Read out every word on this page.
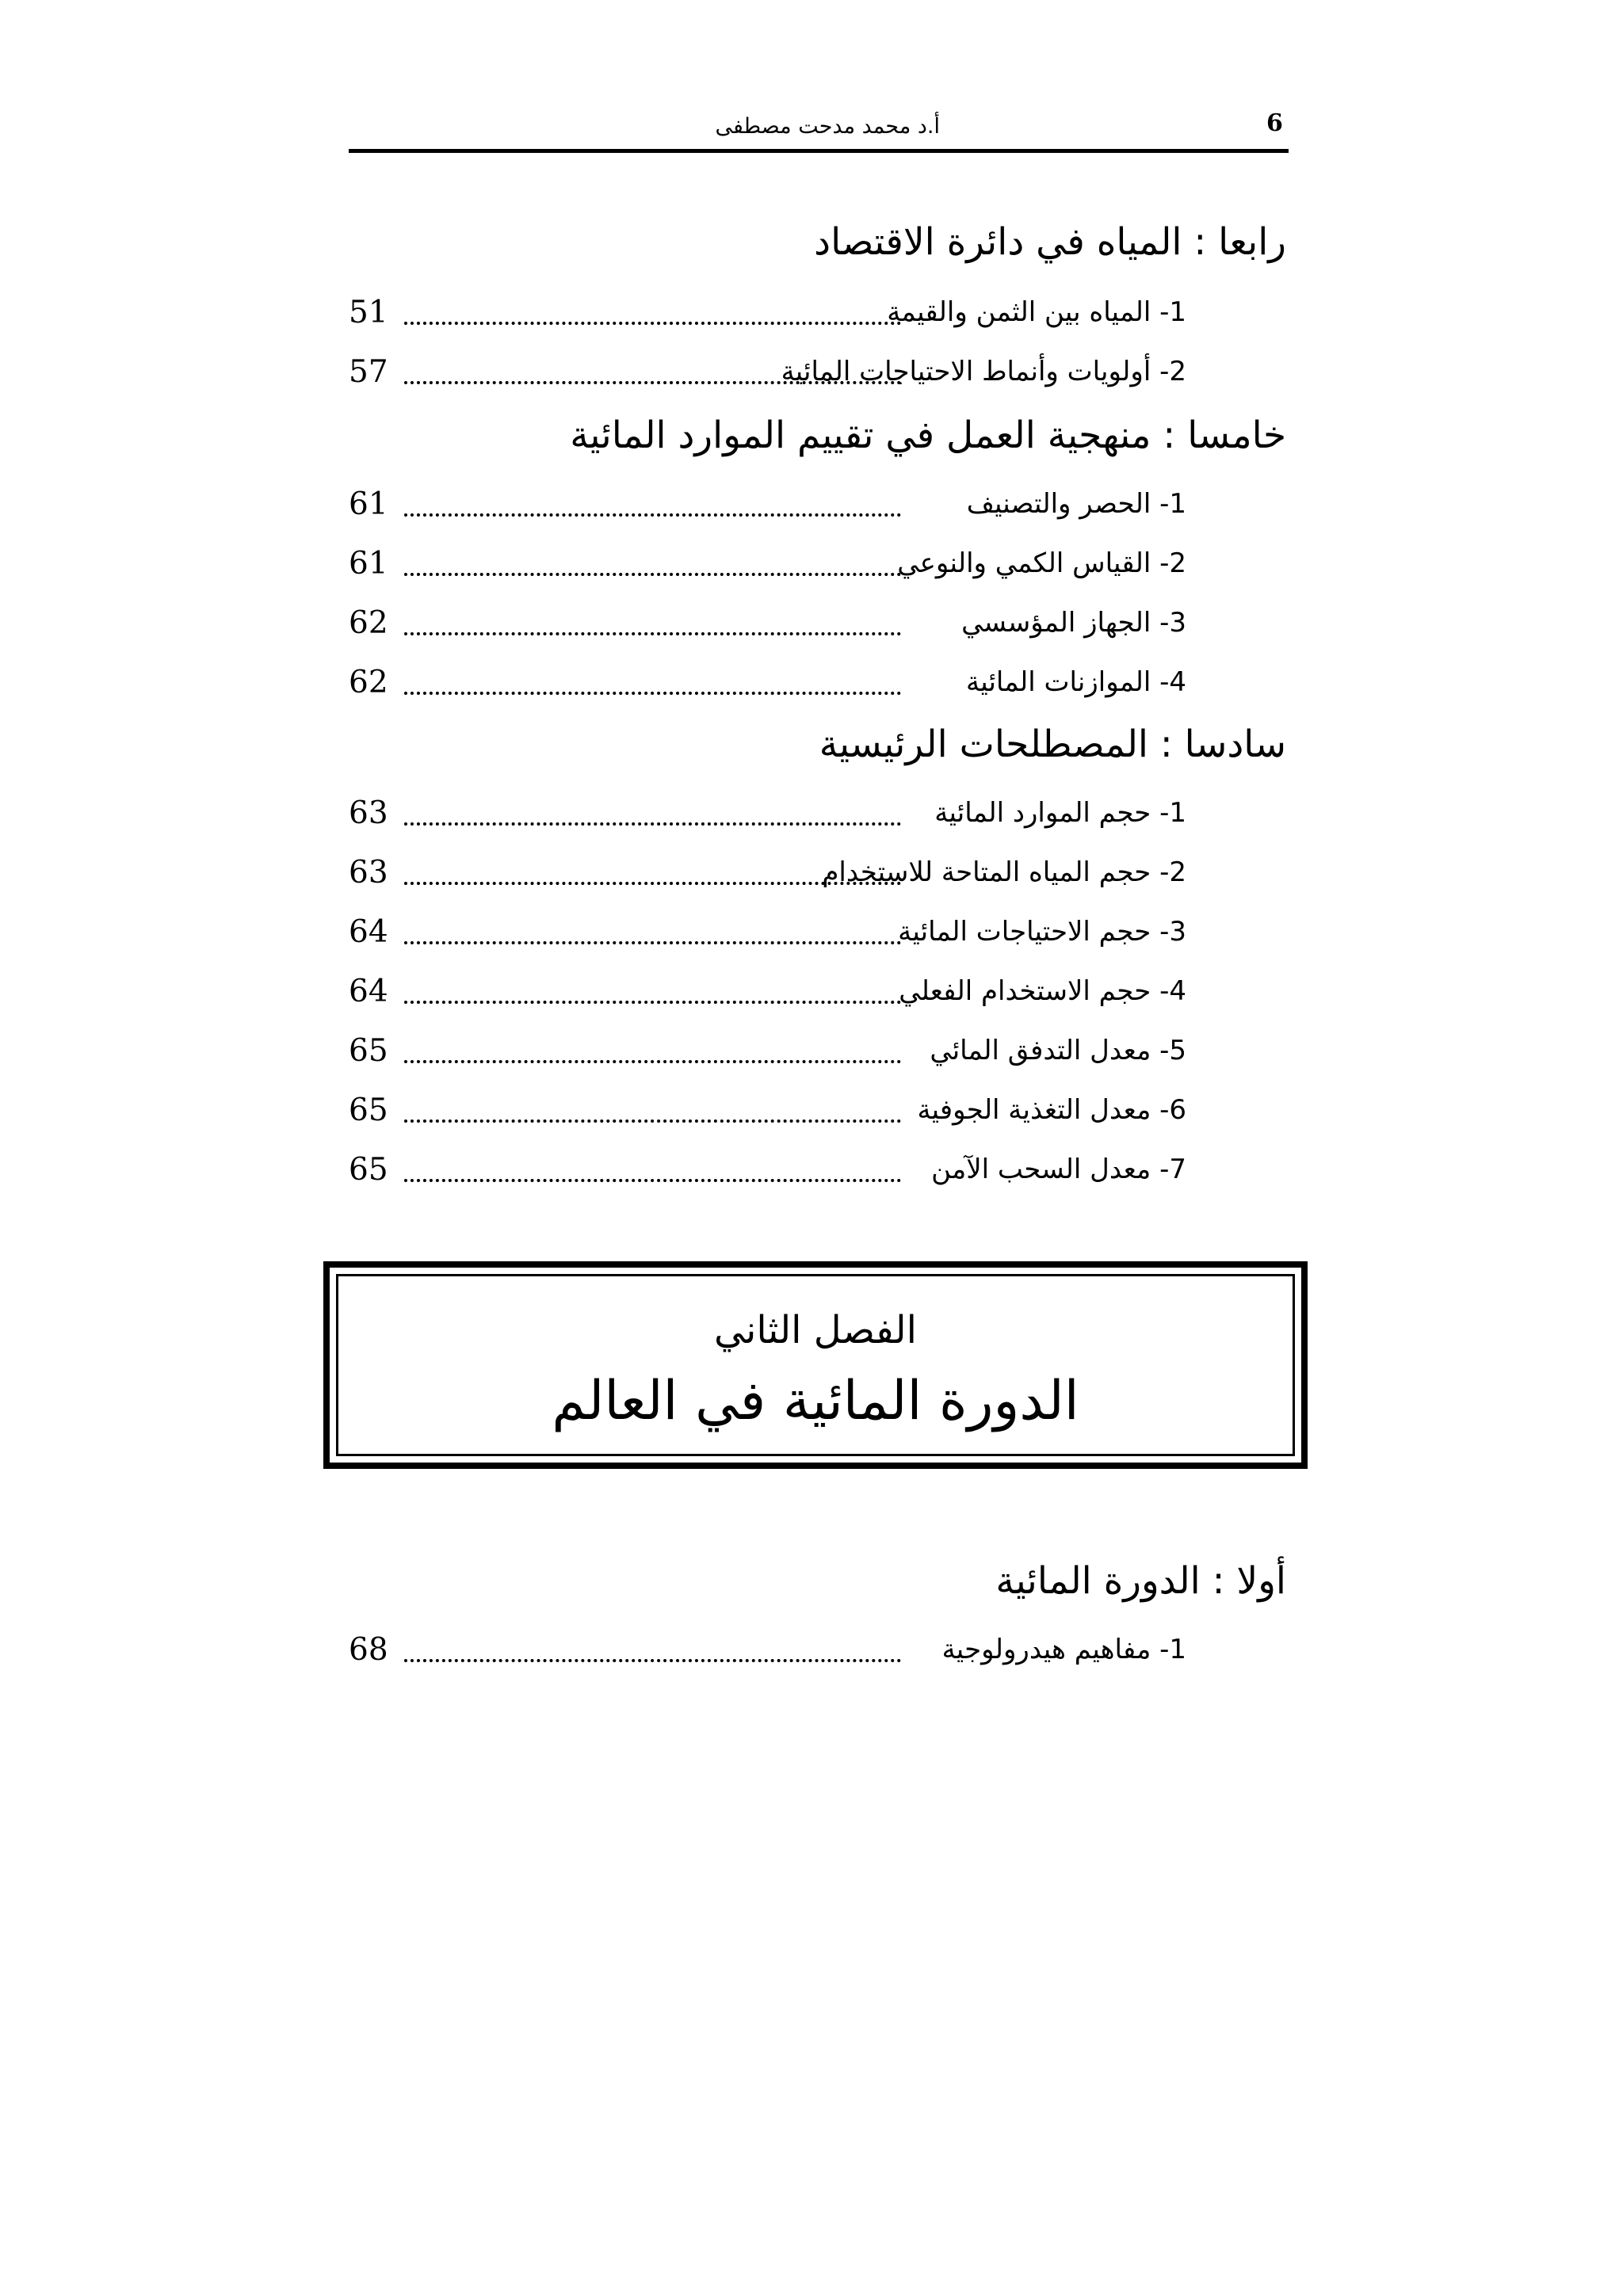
6
أ.د محمد مدحت مصطفى
رابعا : المياه في دائرة الاقتصاد
1- المياه بين الثمن والقيمة
51
2- أولويات وأنماط الاحتياجات المائية
57
خامسا : منهجية العمل في تقييم الموارد المائية
1- الحصر والتصنيف
61
2- القياس الكمي والنوعي
61
3- الجهاز المؤسسي
62
4- الموازنات المائية
62
سادسا : المصطلحات الرئيسية
1- حجم الموارد المائية
63
2- حجم المياه المتاحة للاستخدام
63
3- حجم الاحتياجات المائية
64
4- حجم الاستخدام الفعلي
64
5- معدل التدفق المائي
65
6- معدل التغذية الجوفية
65
7- معدل السحب الآمن
65
الفصل الثاني
الدورة المائية في العالم
أولا : الدورة المائية
1- مفاهيم هيدرولوجية
68
